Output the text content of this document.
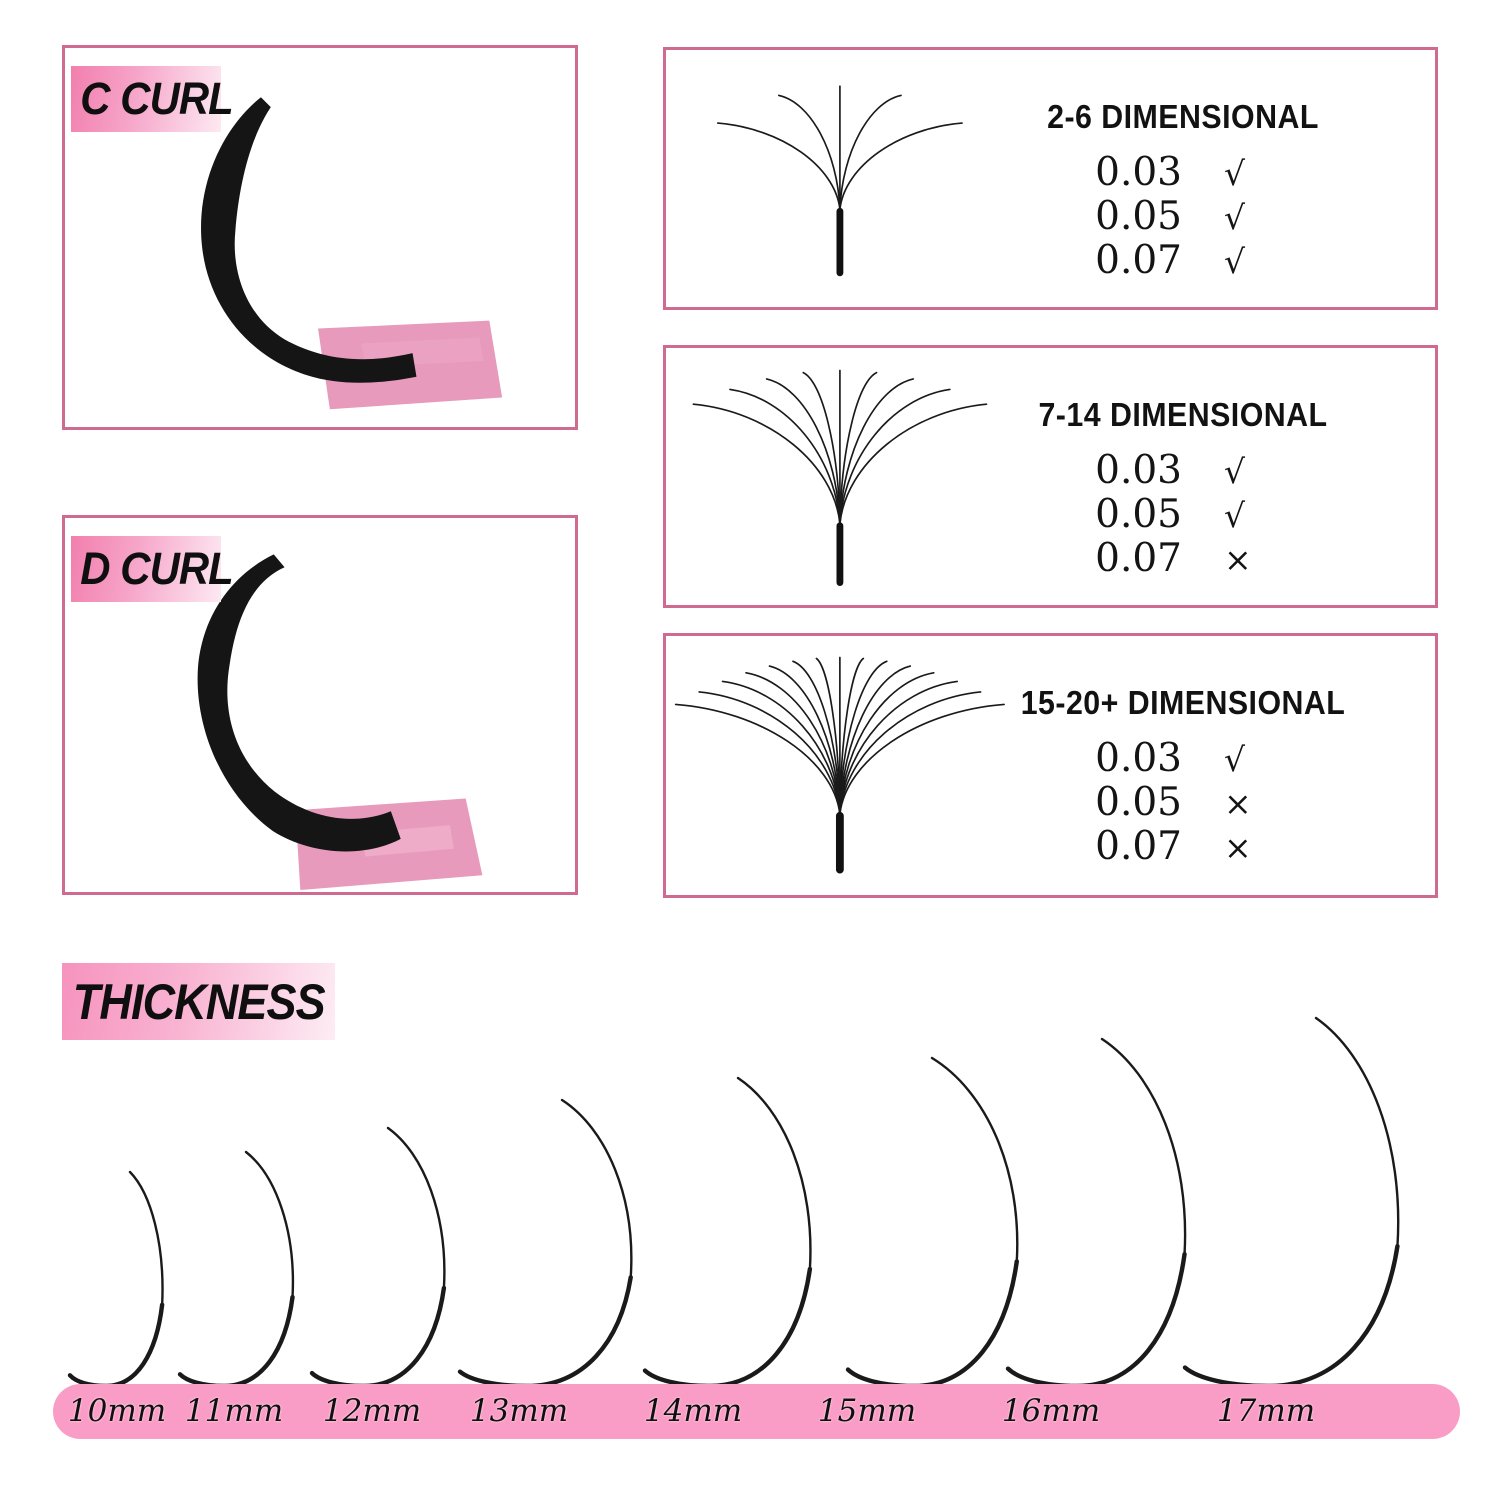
C CURL
D CURL
2-6 DIMENSIONAL
0.03 √
0.05 √
0.07 √
7-14 DIMENSIONAL
0.03 √
0.05 √
0.07 ×
15-20+ DIMENSIONAL
0.03 √
0.05 ×
0.07 ×
THICKNESS
10mm 11mm 12mm 13mm 14mm 15mm	16mm	17mm
